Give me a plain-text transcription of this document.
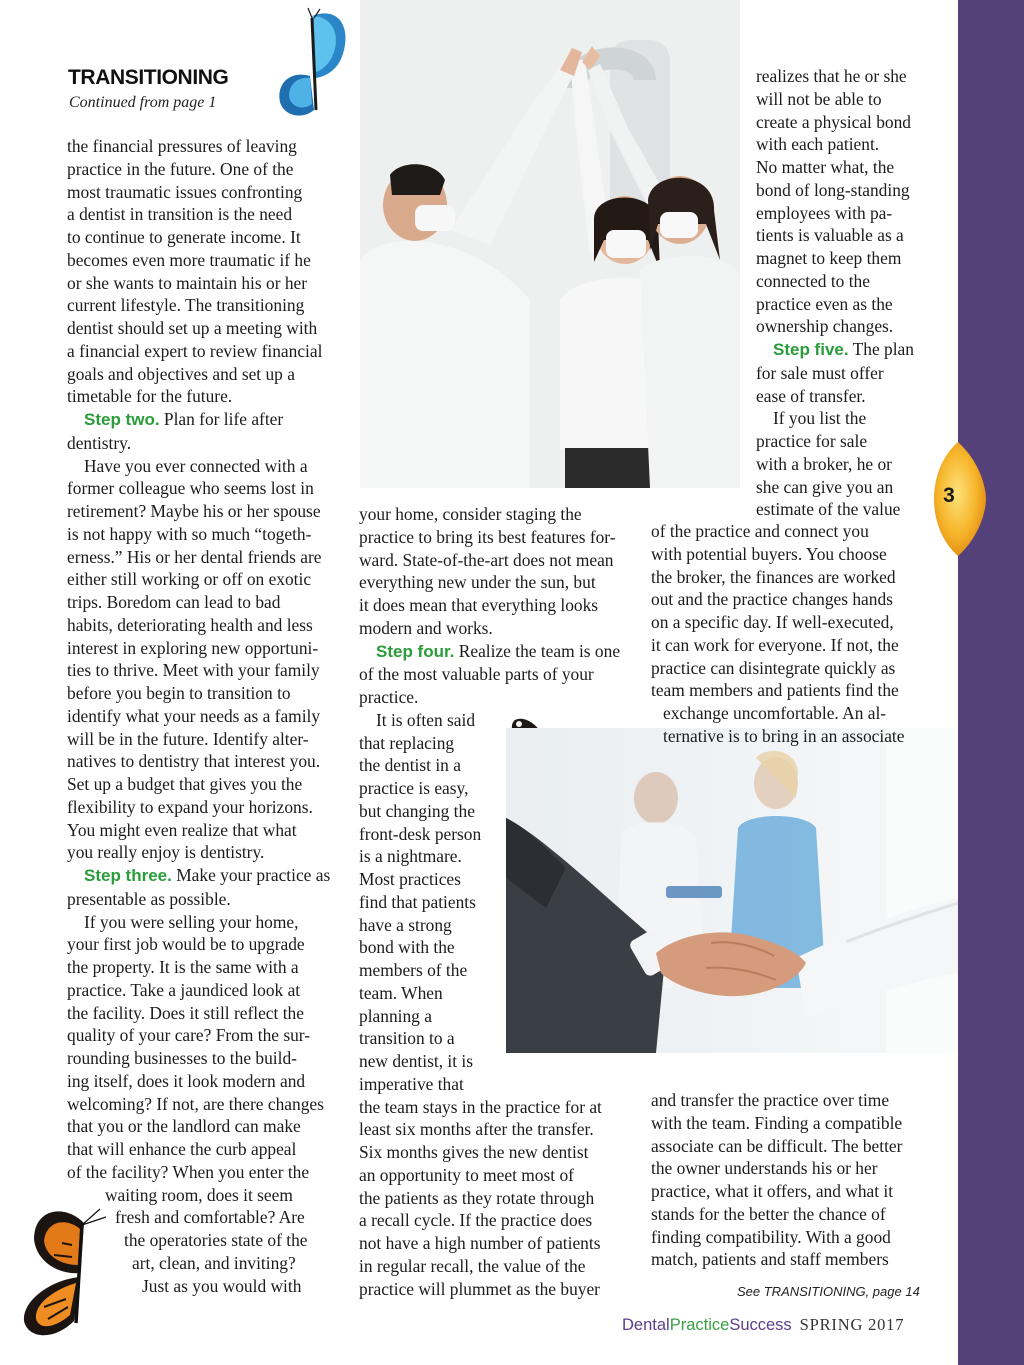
3
TRANSITIONING
Continued from page 1

the financial pressures of leaving

practice in the future. One of the

most traumatic issues confronting

a dentist in transition is the need

to continue to generate income. It

becomes even more traumatic if he

or she wants to maintain his or her

current lifestyle. The transitioning

dentist should set up a meeting with

a financial expert to review financial

goals and objectives and set up a

timetable for the future.

Step two. Plan for life after

dentistry.

Have you ever connected with a

former colleague who seems lost in

retirement? Maybe his or her spouse

is not happy with so much “togeth-

erness.” His or her dental friends are

either still working or off on exotic

trips. Boredom can lead to bad

habits, deteriorating health and less

interest in exploring new opportuni-

ties to thrive. Meet with your family

before you begin to transition to

identify what your needs as a family

will be in the future. Identify alter-

natives to dentistry that interest you.

Set up a budget that gives you the

flexibility to expand your horizons.

You might even realize that what

you really enjoy is dentistry.

Step three. Make your practice as

presentable as possible.

If you were selling your home,

your first job would be to upgrade

the property. It is the same with a

practice. Take a jaundiced look at

the facility. Does it still reflect the

quality of your care? From the sur-

rounding businesses to the build-

ing itself, does it look modern and

welcoming? If not, are there changes

that you or the landlord can make

that will enhance the curb appeal

of the facility? When you enter the

waiting room, does it seem

fresh and comfortable? Are

the operatories state of the

art, clean, and inviting?

Just as you would with

your home, consider staging the

practice to bring its best features for-

ward. State-of-the-art does not mean

everything new under the sun, but

it does mean that everything looks

modern and works.

Step four. Realize the team is one

of the most valuable parts of your

practice.

It is often said

that replacing

the dentist in a

practice is easy,

but changing the

front-desk person

is a nightmare.

Most practices

find that patients

have a strong

bond with the

members of the

team. When

planning a

transition to a

new dentist, it is

imperative that

the team stays in the practice for at

least six months after the transfer.

Six months gives the new dentist

an opportunity to meet most of

the patients as they rotate through

a recall cycle. If the practice does

not have a high number of patients

in regular recall, the value of the

practice will plummet as the buyer

realizes that he or she

will not be able to

create a physical bond

with each patient.

No matter what, the

bond of long-standing

employees with pa-

tients is valuable as a

magnet to keep them

connected to the

practice even as the

ownership changes.

Step five. The plan

for sale must offer

ease of transfer.

If you list the

practice for sale

with a broker, he or

she can give you an

estimate of the value

of the practice and connect you

with potential buyers. You choose

the broker, the finances are worked

out and the practice changes hands

on a specific day. If well-executed,

it can work for everyone. If not, the

practice can disintegrate quickly as

team members and patients find the

exchange uncomfortable. An al-

ternative is to bring in an associate

and transfer the practice over time

with the team. Finding a compatible

associate can be difficult. The better

the owner understands his or her

practice, what it offers, and what it

stands for the better the chance of

finding compatibility. With a good

match, patients and staff members

See TRANSITIONING, page 14
DentalPracticeSuccess SPRING 2017
